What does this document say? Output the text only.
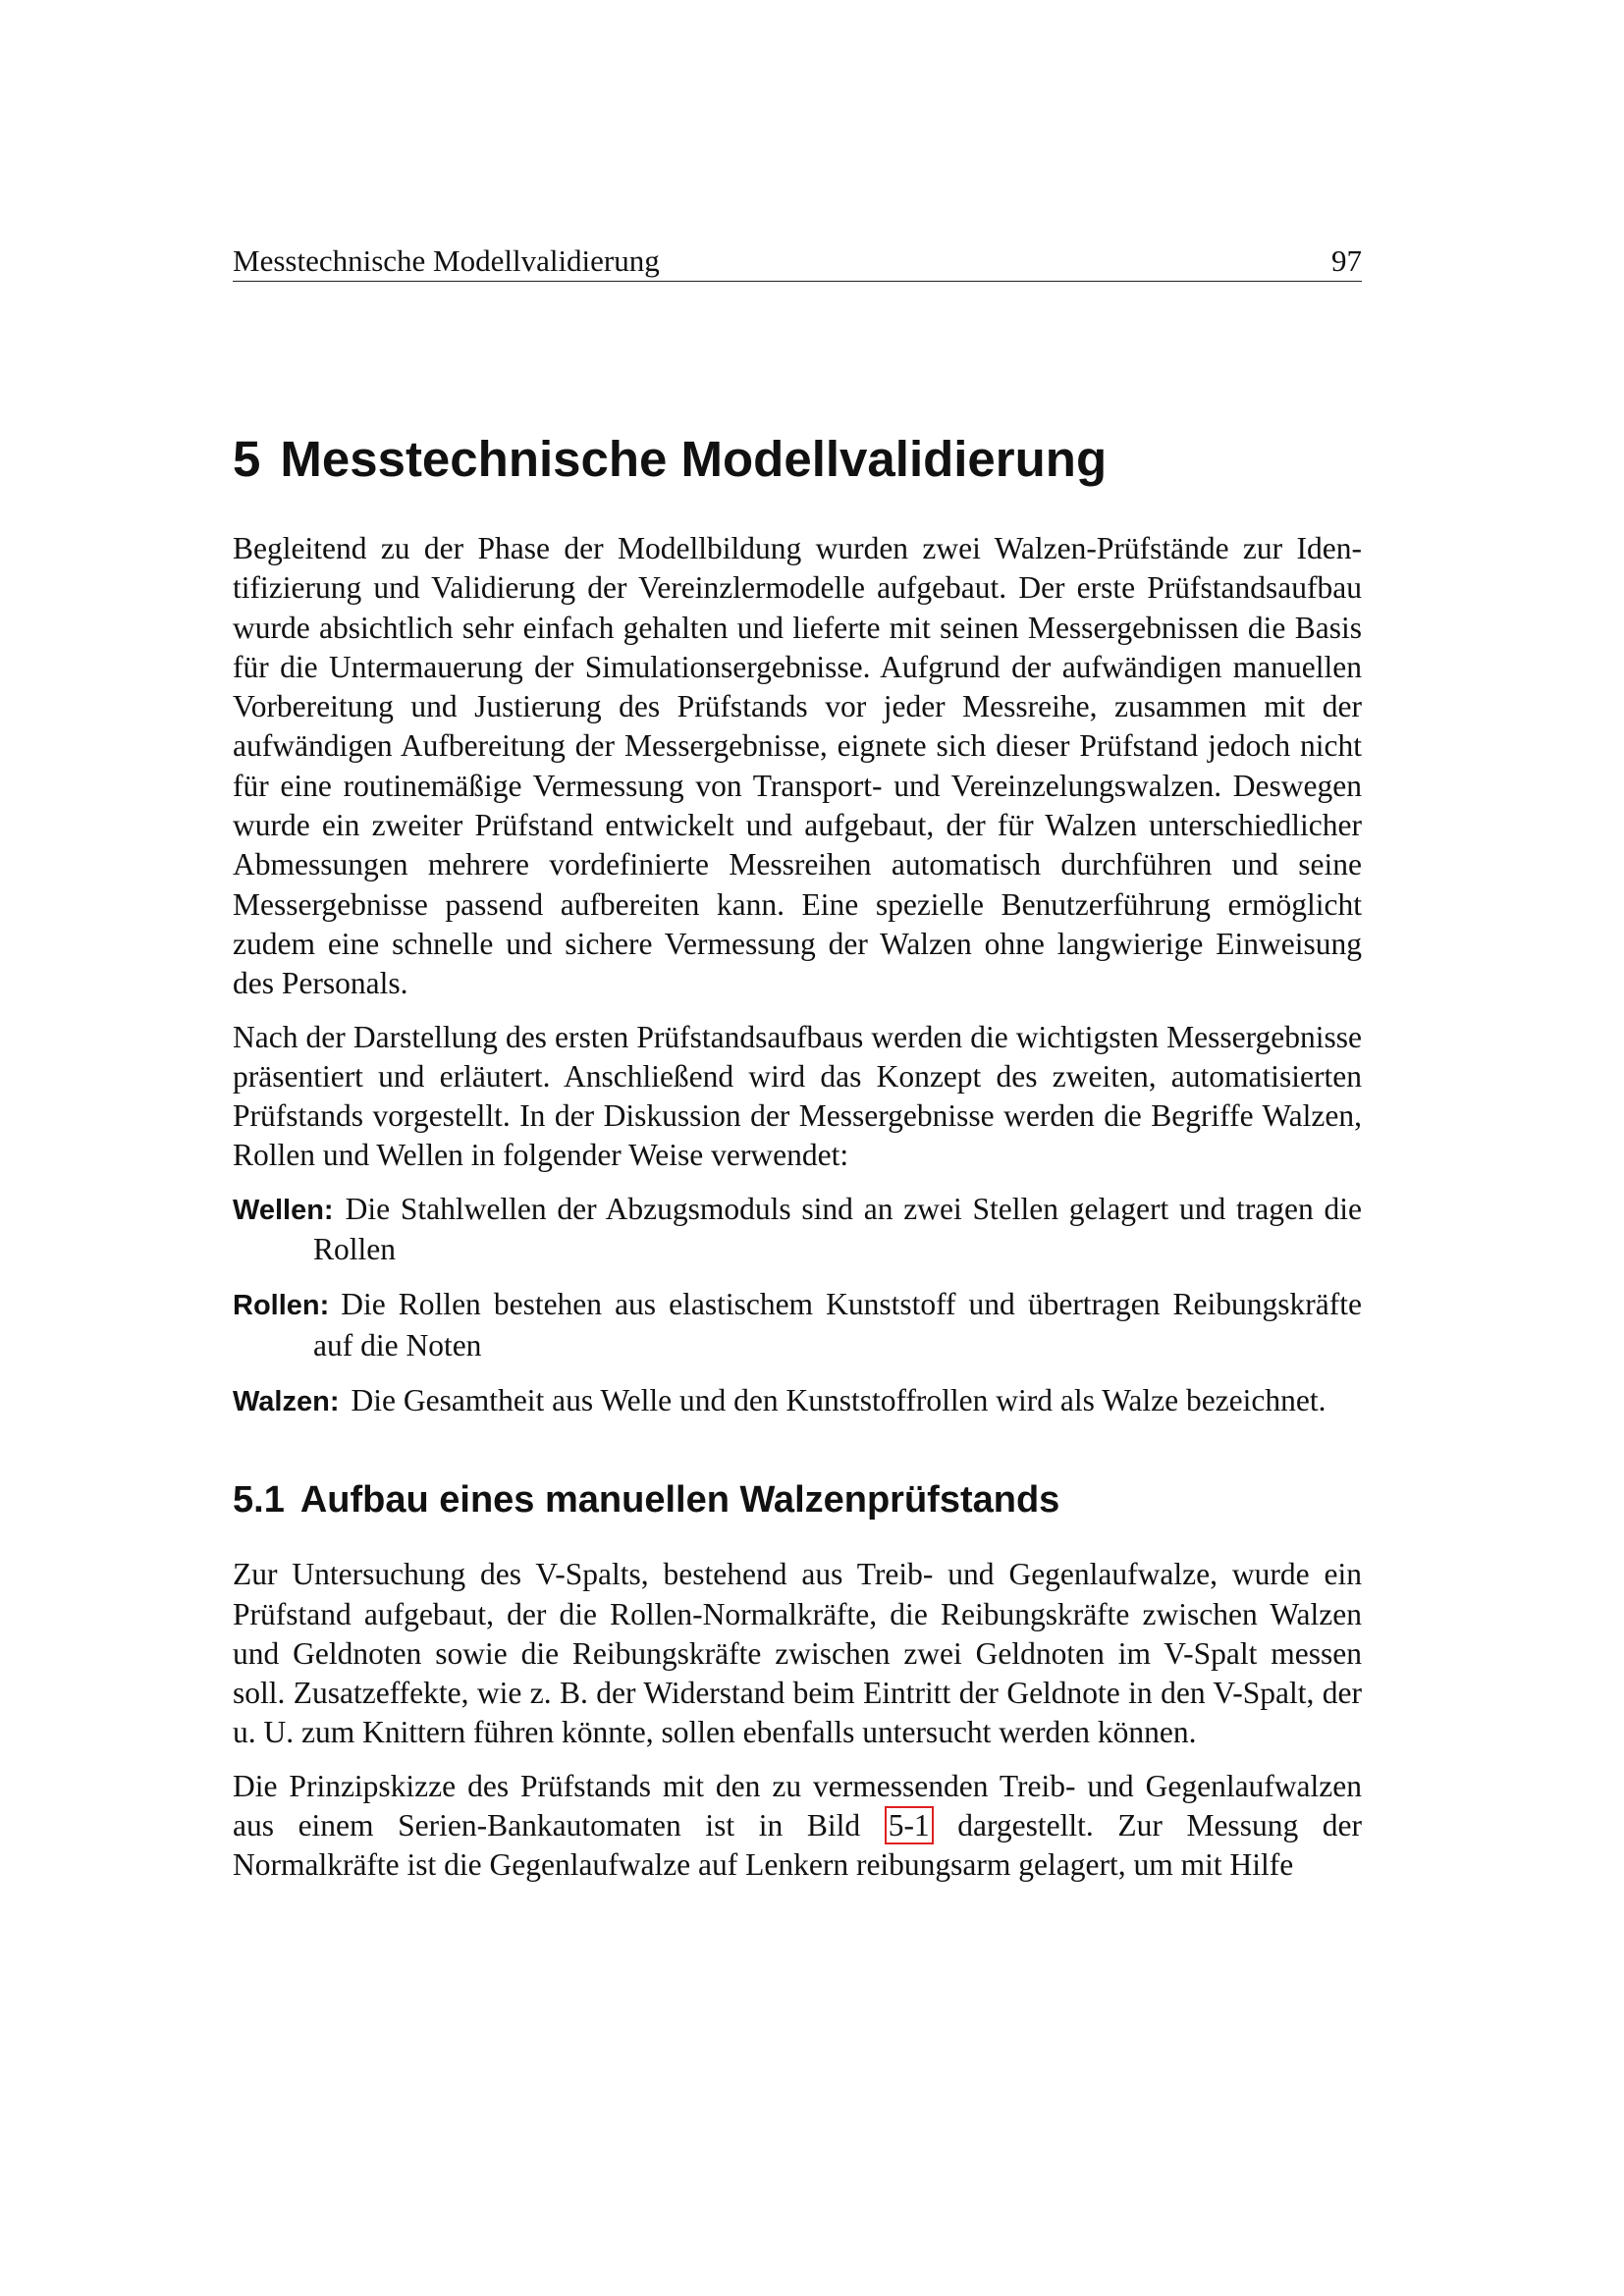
Messtechnische Modellvalidierung	97
5 Messtechnische Modellvalidierung

Begleitend zu der Phase der Modellbildung wurden zwei Walzen-Prüfstände zur Identifizierung und Validierung der Vereinzlermodelle aufgebaut. Der erste Prüfstandsaufbau wurde absichtlich sehr einfach gehalten und lieferte mit seinen Messergebnissen die Basis für die Untermauerung der Simulationsergebnisse. Aufgrund der aufwändigen manuellen Vorbereitung und Justierung des Prüfstands vor jeder Messreihe, zusammen mit der aufwändigen Aufbereitung der Messergebnisse, eignete sich dieser Prüfstand jedoch nicht für eine routinemäßige Vermessung von Transport- und Vereinzelungswalzen. Deswegen wurde ein zweiter Prüfstand entwickelt und aufgebaut, der für Walzen unterschiedlicher Abmessungen mehrere vordefinierte Messreihen automatisch durchführen und seine Messergebnisse passend aufbereiten kann. Eine spezielle Benutzerführung ermöglicht zudem eine schnelle und sichere Vermessung der Walzen ohne langwierige Einweisung des Personals.

Nach der Darstellung des ersten Prüfstandsaufbaus werden die wichtigsten Messergebnisse präsentiert und erläutert. Anschließend wird das Konzept des zweiten, automatisierten Prüfstands vorgestellt. In der Diskussion der Messergebnisse werden die Begriffe Walzen, Rollen und Wellen in folgender Weise verwendet:

Wellen: Die Stahlwellen der Abzugsmoduls sind an zwei Stellen gelagert und tragen die Rollen
Rollen: Die Rollen bestehen aus elastischem Kunststoff und übertragen Reibungskräfte auf die Noten
Walzen: Die Gesamtheit aus Welle und den Kunststoffrollen wird als Walze bezeichnet.
5.1 Aufbau eines manuellen Walzenprüfstands

Zur Untersuchung des V-Spalts, bestehend aus Treib- und Gegenlaufwalze, wurde ein Prüfstand aufgebaut, der die Rollen-Normalkräfte, die Reibungskräfte zwischen Walzen und Geldnoten sowie die Reibungskräfte zwischen zwei Geldnoten im V-Spalt messen soll. Zusatzeffekte, wie z. B. der Widerstand beim Eintritt der Geldnote in den V-Spalt, der u. U. zum Knittern führen könnte, sollen ebenfalls untersucht werden können.

Die Prinzipskizze des Prüfstands mit den zu vermessenden Treib- und Gegenlaufwalzen aus einem Serien-Bankautomaten ist in Bild 5-1 dargestellt. Zur Messung der Normalkräfte ist die Gegenlaufwalze auf Lenkern reibungsarm gelagert, um mit Hilfe
